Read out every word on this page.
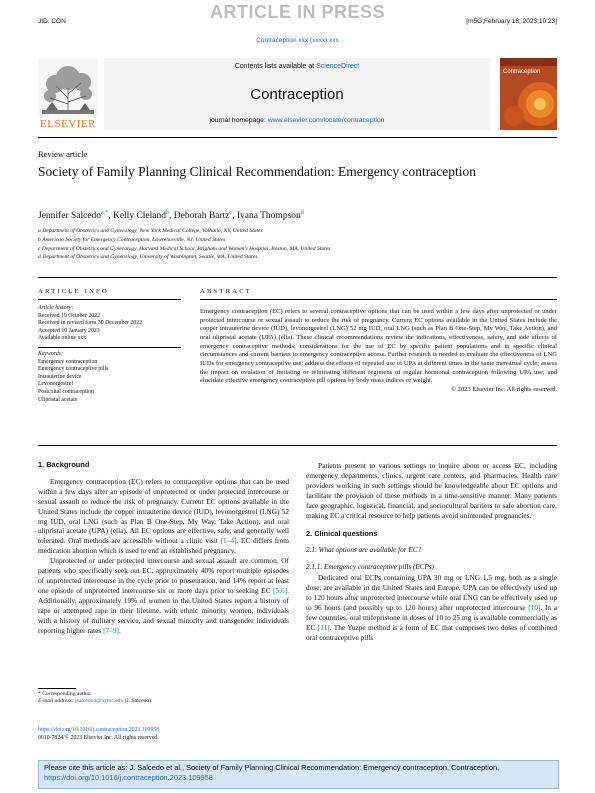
ARTICLE IN PRESS
JID: CON	[m5G;February 18, 2023;10:23]
Contraception xxx (xxxx) xxx
ELSEVIER
Contents lists available at ScienceDirect
Contraception
journal homepage: www.elsevier.com/locate/contraception
Contraception
Review article
Society of Family Planning Clinical Recommendation: Emergency contraception
Jennifer Salcedo$^{a,*}$, Kelly Cleland$^b$, Deborah Bartz$^c$, Ivana Thompson$^d$
a Department of Obstetrics and Gynecology, New York Medical College, Valhalla, NY, United States
b American Society for Emergency Contraception, Lawrenceville, NJ, United States
c Department of Obstetrics and Gynecology, Harvard Medical School, Brigham and Women’s Hospital, Boston, MA, United States
d Department of Obstetrics and Gynecology, University of Washington, Seattle, WA, United States
ARTICLE INFO
Article history:
Received 19 October 2022
Received in revised form 30 December 2022
Accepted 10 January 2023
Available online xxx
Keywords:
Emergency contraception
Emergency contraceptive pills
Intrauterine device
Levonorgestrel
Postcoital contraception
Ulipristal acetate
ABSTRACT
Emergency contraception (EC) refers to several contraceptive options that can be used within a few days after unprotected or under protected intercourse or sexual assault to reduce the risk of pregnancy. Current EC options available in the United States include the copper intrauterine device (IUD), levonorgestrel (LNG) 52 mg IUD, oral LNG (such as Plan B One-Step, My Way, Take Action), and oral ulipristal acetate (UPA) (ella). These clinical recommendations review the indications, effectiveness, safety, and side effects of emergency contraceptive methods; considerations for the use of EC by specific patient populations and in specific clinical circumstances and current barriers to emergency contraceptive access. Further research is needed to evaluate the effectiveness of LNG IUDs for emergency contraceptive use; address the effects of repeated use of UPA at different times in the same menstrual cycle; assess the impact on ovulation of initiating or reinitiating different regimens of regular hormonal contraception following UPA use; and elucidate effective emergency contraceptive pill options by body mass indices or weight.
© 2023 Elsevier Inc. All rights reserved.
1. Background

Emergency contraception (EC) refers to contraceptive options that can be used within a few days after an episode of unprotected or under protected intercourse or sexual assault to reduce the risk of pregnancy. Current EC options available in the United States include the copper intrauterine device (IUD), levonorgestrel (LNG) 52 mg IUD, oral LNG (such as Plan B One-Step, My Way, Take Action), and oral ulipristal acetate (UPA) (ella). All EC options are effective, safe, and generally well tolerated. Oral methods are accessible without a clinic visit [1–4]. EC differs from medication abortion which is used to end an established pregnancy.

Unprotected or under protected intercourse and sexual assault are common. Of patients who specifically seek out EC, approximately 40% report multiple episodes of unprotected intercourse in the cycle prior to presentation, and 14% report at least one episode of unprotected intercourse six or more days prior to seeking EC [5,6]. Additionally, approximately 19% of women in the United States report a history of rape or attempted rape in their lifetime, with ethnic minority women, individuals with a history of military service, and sexual minority and transgender individuals reporting higher rates [7–9].

Patients present to various settings to inquire about or access EC, including emergency departments, clinics, urgent care centers, and pharmacies. Health care providers working in such settings should be knowledgeable about EC options and facilitate the provision of these methods in a time-sensitive manner. Many patients face geographic, logistical, financial, and sociocultural barriers to safe abortion care, making EC a critical resource to help patients avoid unintended pregnancies.

2. Clinical questions
2.1. What options are available for EC?
2.1.1. Emergency contraceptive pills (ECPs)

Dedicated oral ECPs containing UPA 30 mg or LNG 1.5 mg, both as a single dose, are available in the United States and Europe. UPA can be effectively used up to 120 hours after unprotected intercourse while oral LNG can be effectively used up to 96 hours (and possibly up to 120 hours) after unprotected intercourse [10]. In a few countries, oral mifepristone in doses of 10 to 25 mg is available commercially as EC [11]. The Yuzpe method is a form of EC that comprises two doses of combined oral contraceptive pills

* Corresponding author.
E-mail address: jsalcedo4@nymc.edu (J. Salcedo).
https://doi.org/10.1016/j.contraception.2023.109958
0010-7824/© 2023 Elsevier Inc. All rights reserved.
Please cite this article as: J. Salcedo et al., Society of Family Planning Clinical Recommendation: Emergency contraception, Contraception, https://doi.org/10.1016/j.contraception.2023.109958
